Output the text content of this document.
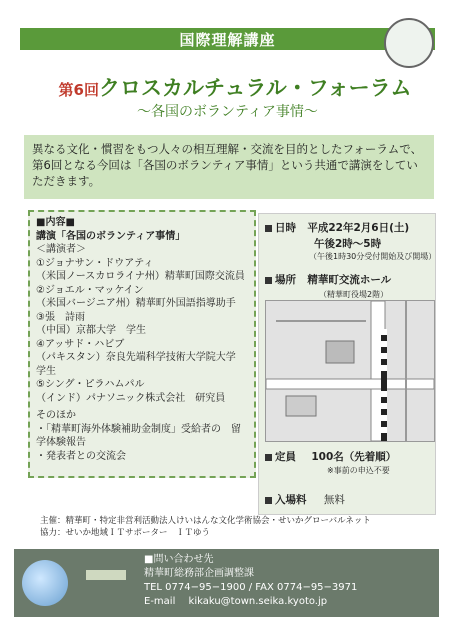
国際理解講座
第6回クロスカルチュラル・フォーラム
〜各国のボランティア事情〜
異なる文化・慣習をもつ人々の相互理解・交流を目的としたフォーラムで、第6回となる今回は「各国のボランティア事情」という共通で講演をしていただきます。
■内容■
講演「各国のボランティア事情」
＜講演者＞
①ジョナサン・ドウアティ
（米国ノースカロライナ州）精華町国際交流員
②ジョエル・マッケイン
（米国バージニア州）精華町外国語指導助手
③張　詩雨
（中国）京都大学　学生
④アッサド・ハビブ
（パキスタン）奈良先端科学技術大学院大学　学生
⑤シング・ピラハムパル
（インド）パナソニック株式会社　研究員
そのほか
・「精華町海外体験補助金制度」受給者の　留学体験報告
・発表者との交流会
日時 平成22年2月6日(土)
午後2時〜5時
（午後1時30分受付開始及び開場）
場所 精華町交流ホール
（精華町役場2階）
定員 100名（先着順）
※事前の申込不要
入場料 無料
主催：精華町・特定非営利活動法人けいはんな文化学術協会・せいかグローバルネット
協力：せいか地域ＩＴサポーター　ＩＴゆう
■問い合わせ先
精華町総務部企画調整課
TEL 0774−95−1900 / FAX 0774−95−3971
E-mail kikaku@town.seika.kyoto.jp
